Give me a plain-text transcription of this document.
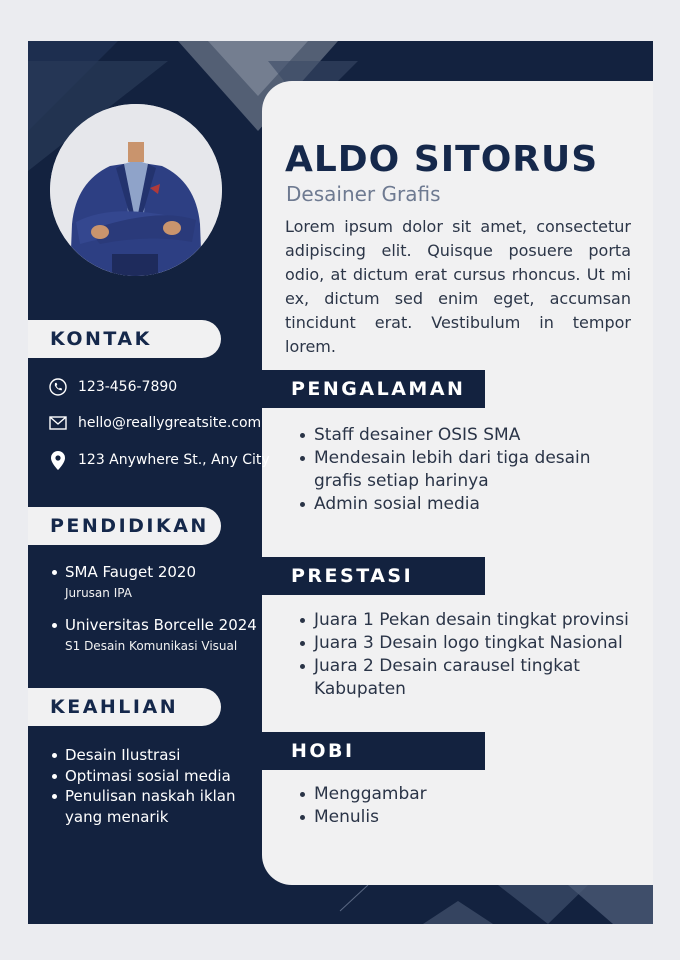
ALDO SITORUS
Desainer Grafis
Lorem ipsum dolor sit amet, consectetur adipiscing elit. Quisque posuere porta odio, at dictum erat cursus rhoncus. Ut mi ex, dictum sed enim eget, accumsan tincidunt erat. Vestibulum in tempor lorem.
KONTAK
123-456-7890
hello@reallygreatsite.com
123 Anywhere St., Any City
PENDIDIKAN
SMA Fauget 2020
Jurusan IPA
Universitas Borcelle 2024
S1 Desain Komunikasi Visual
KEAHLIAN
Desain Ilustrasi
Optimasi sosial media
Penulisan naskah iklan yang menarik
PENGALAMAN
Staff desainer OSIS SMA
Mendesain lebih dari tiga desain grafis setiap harinya
Admin sosial media
PRESTASI
Juara 1 Pekan desain tingkat provinsi
Juara 3 Desain logo tingkat Nasional
Juara 2 Desain carausel tingkat Kabupaten
HOBI
Menggambar
Menulis
